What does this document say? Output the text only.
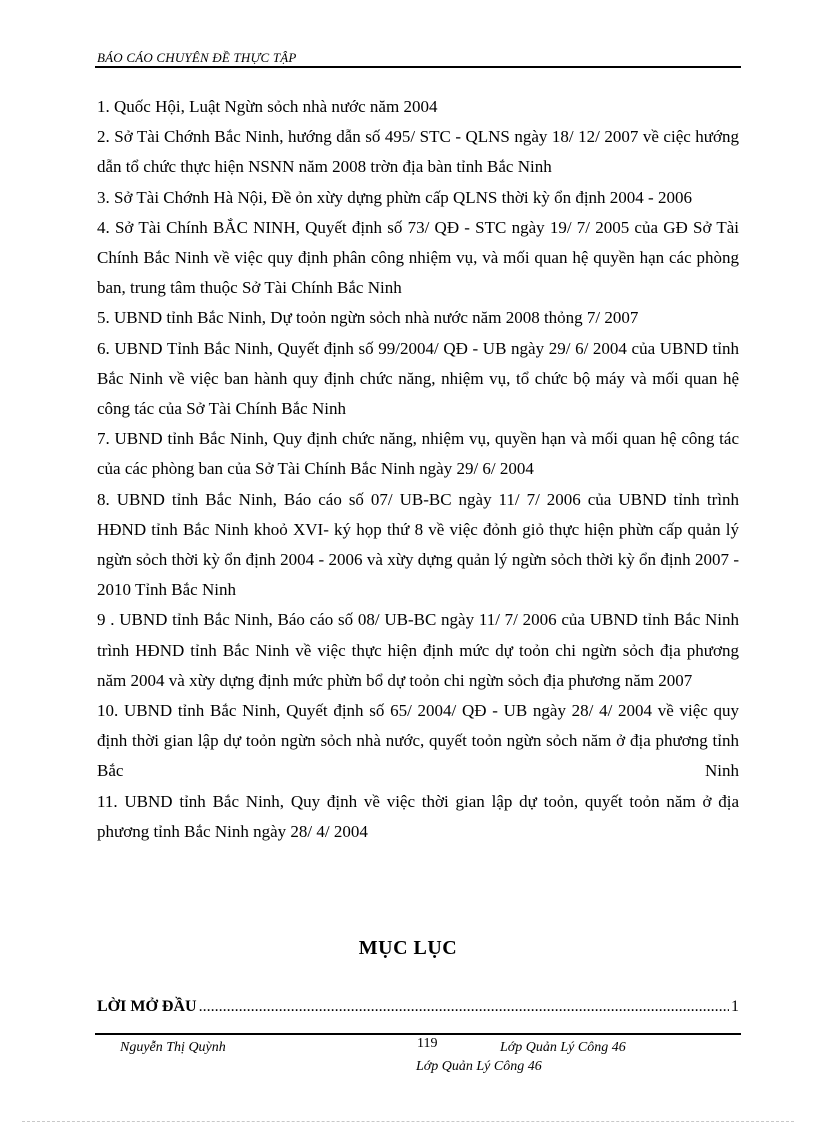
BÁO CÁO CHUYÊN ĐỀ THỰC TẬP

1. Quốc Hội, Luật Ngừn sỏch nhà nước năm 2004

2. Sở Tài Chớnh Bắc Ninh, hướng dẫn số 495/ STC - QLNS ngày 18/ 12/ 2007 về ciệc hướng dẫn tổ chức thực hiện NSNN năm 2008 trờn địa bàn tỉnh Bắc Ninh

3. Sở Tài Chớnh Hà Nội, Đề ỏn xừy dựng phừn cấp QLNS thời kỳ ổn định 2004 - 2006

4. Sở Tài Chính BẮC NINH, Quyết định số 73/ QĐ - STC ngày 19/ 7/ 2005 của GĐ Sở Tài Chính Bắc Ninh về việc quy định phân công nhiệm vụ, và mối quan hệ quyền hạn các phòng ban, trung tâm thuộc Sở Tài Chính Bắc Ninh

5. UBND tỉnh Bắc Ninh, Dự toỏn ngừn sỏch nhà nước năm 2008 thỏng 7/ 2007

6. UBND Tỉnh Bắc Ninh, Quyết định số 99/2004/ QĐ - UB ngày 29/ 6/ 2004 của UBND tỉnh Bắc Ninh về việc ban hành quy định chức năng, nhiệm vụ, tổ chức bộ máy và mối quan hệ công tác của Sở Tài Chính Bắc Ninh

7. UBND tỉnh Bắc Ninh, Quy định chức năng, nhiệm vụ, quyền hạn và mối quan hệ công tác của các phòng ban của Sở Tài Chính Bắc Ninh ngày 29/ 6/ 2004

8. UBND tỉnh Bắc Ninh, Báo cáo số 07/ UB-BC ngày 11/ 7/ 2006 của UBND tỉnh trình HĐND tỉnh Bắc Ninh khoỏ XVI- ký họp thứ 8 về việc đỏnh giỏ thực hiện phừn cấp quản lý ngừn sỏch thời kỳ ổn định 2004 - 2006 và xừy dựng quản lý ngừn sỏch thời kỳ ổn định 2007 - 2010 Tỉnh Bắc Ninh

9 . UBND tỉnh Bắc Ninh, Báo cáo số 08/ UB-BC ngày 11/ 7/ 2006 của UBND tỉnh Bắc Ninh trình HĐND tỉnh Bắc Ninh về việc thực hiện định mức dự toỏn chi ngừn sỏch địa phương năm 2004 và xừy dựng định mức phừn bổ dự toỏn chi ngừn sỏch địa phương năm 2007

10. UBND tỉnh Bắc Ninh, Quyết định số 65/ 2004/ QĐ - UB ngày 28/ 4/ 2004 về việc quy định thời gian lập dự toỏn ngừn sỏch nhà nước, quyết toỏn ngừn sỏch năm ở địa phương tỉnh Bắc Ninh

11. UBND tỉnh Bắc Ninh, Quy định về việc thời gian lập dự toỏn, quyết toỏn năm ở địa phương tỉnh Bắc Ninh ngày 28/ 4/ 2004

MỤC LỤC
LỜI MỞ ĐẦU
.....	1
Nguyễn Thị Quỳnh	119	Lớp Quản Lý Công 46
Lớp Quản Lý Công 46
